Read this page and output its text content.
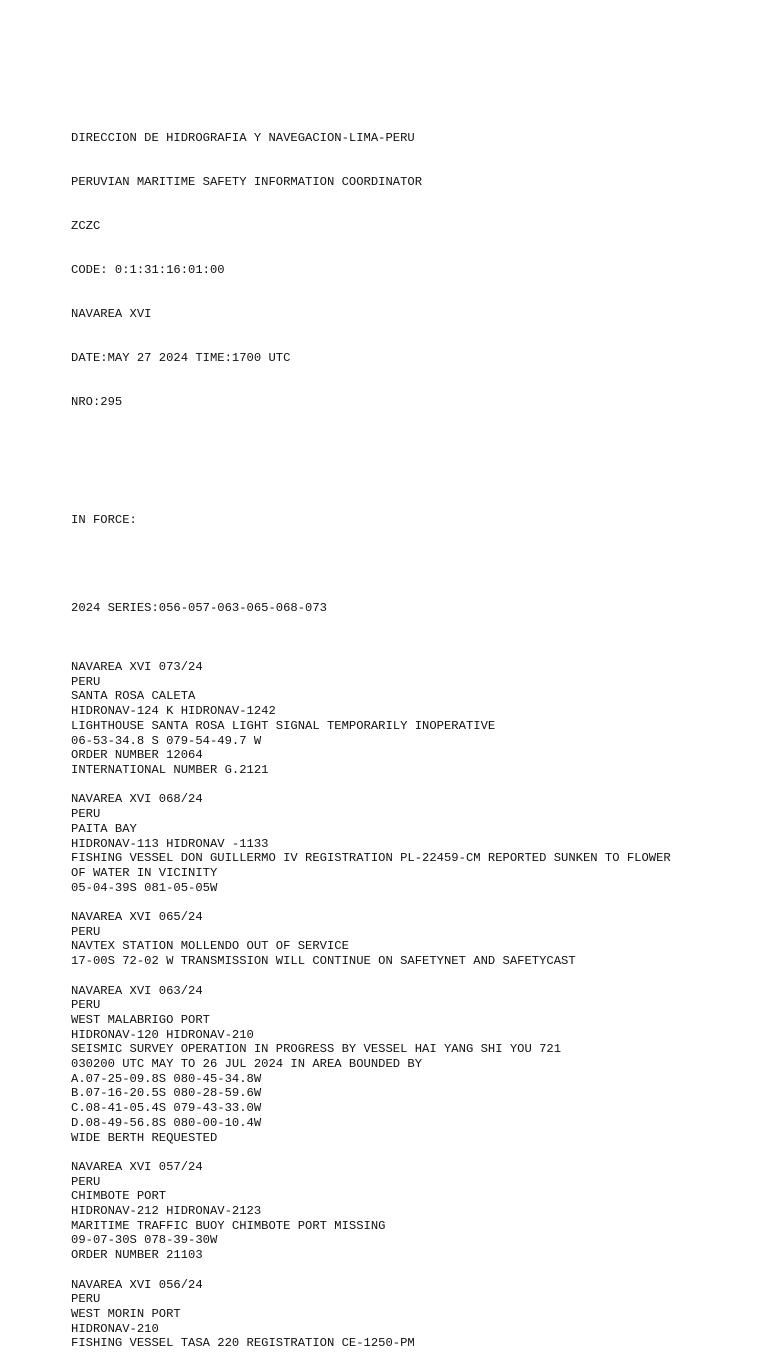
DIRECCION DE HIDROGRAFIA Y NAVEGACION-LIMA-PERU

PERUVIAN MARITIME SAFETY INFORMATION COORDINATOR

ZCZC

CODE: 0:1:31:16:01:00

NAVAREA XVI

DATE:MAY 27 2024 TIME:1700 UTC

NRO:295

IN FORCE:

2024 SERIES:056-057-063-065-068-073

NAVAREA XVI 073/24
PERU
SANTA ROSA CALETA
HIDRONAV-124 K HIDRONAV-1242
LIGHTHOUSE SANTA ROSA LIGHT SIGNAL TEMPORARILY INOPERATIVE
06-53-34.8 S 079-54-49.7 W
ORDER NUMBER 12064
INTERNATIONAL NUMBER G.2121
NAVAREA XVI 068/24
PERU
PAITA BAY
HIDRONAV-113 HIDRONAV -1133
FISHING VESSEL DON GUILLERMO IV REGISTRATION PL-22459-CM REPORTED SUNKEN TO FLOWER
OF WATER IN VICINITY
05-04-39S 081-05-05W
NAVAREA XVI 065/24
PERU
NAVTEX STATION MOLLENDO OUT OF SERVICE
17-00S 72-02 W TRANSMISSION WILL CONTINUE ON SAFETYNET AND SAFETYCAST
NAVAREA XVI 063/24
PERU
WEST MALABRIGO PORT
HIDRONAV-120 HIDRONAV-210
SEISMIC SURVEY OPERATION IN PROGRESS BY VESSEL HAI YANG SHI YOU 721
030200 UTC MAY TO 26 JUL 2024 IN AREA BOUNDED BY
A.07-25-09.8S 080-45-34.8W
B.07-16-20.5S 080-28-59.6W
C.08-41-05.4S 079-43-33.0W
D.08-49-56.8S 080-00-10.4W
WIDE BERTH REQUESTED
NAVAREA XVI 057/24
PERU
CHIMBOTE PORT
HIDRONAV-212 HIDRONAV-2123
MARITIME TRAFFIC BUOY CHIMBOTE PORT MISSING
09-07-30S 078-39-30W
ORDER NUMBER 21103
NAVAREA XVI 056/24
PERU
WEST MORIN PORT
HIDRONAV-210
FISHING VESSEL TASA 220 REGISTRATION CE-1250-PM
